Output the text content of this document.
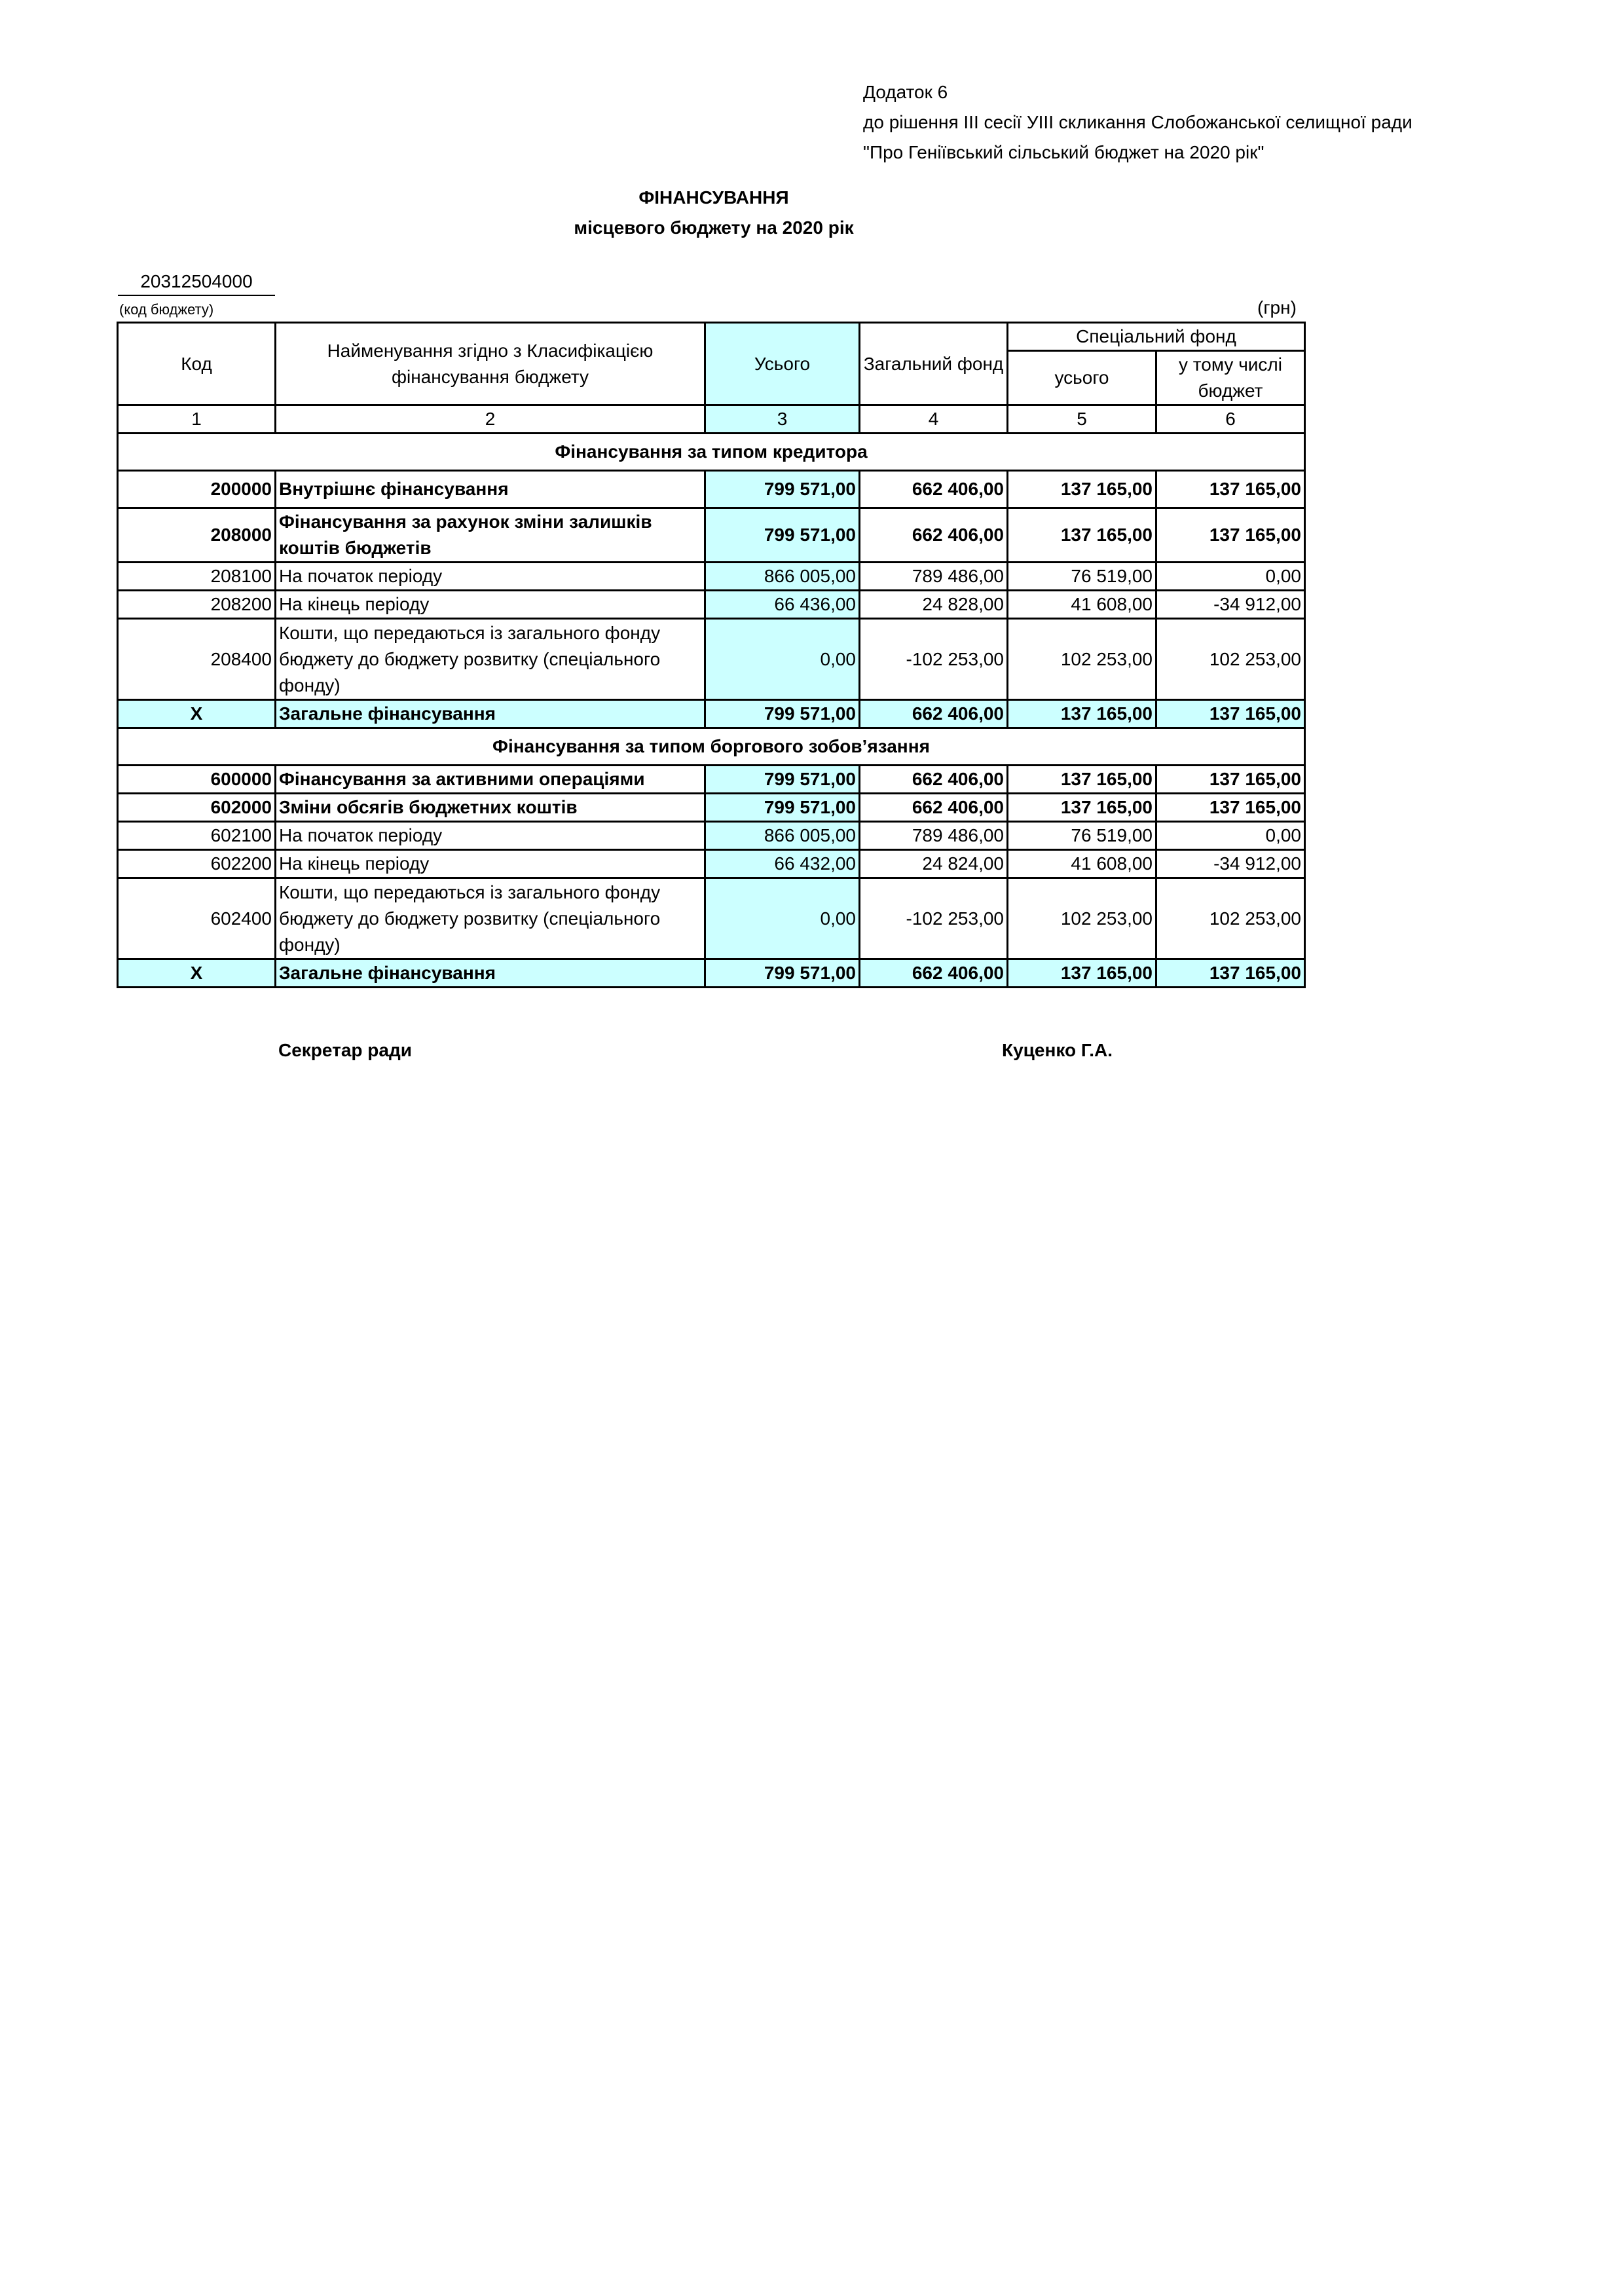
Додаток 6
до рішення ІІІ сесії УІІІ скликання Слобожанської селищної ради
"Про Геніївський сільський бюджет на 2020 рік"
ФІНАНСУВАННЯ
місцевого бюджету на 2020 рік
20312504000
(код бюджету)	(грн)
Код	Найменування згідно з Класифікацією фінансування бюджету	Усього	Загальний фонд	Спеціальний фонд	
				усього	у тому числі бюджет
1	2	3	4	5	6
Фінансування за типом кредитора					
200000	Внутрішнє фінансування	799 571,00	662 406,00	137 165,00	137 165,00
208000	Фінансування за рахунок зміни залишків коштів бюджетів	799 571,00	662 406,00	137 165,00	137 165,00
208100	На початок періоду	866 005,00	789 486,00	76 519,00	0,00
208200	На кінець періоду	66 436,00	24 828,00	41 608,00	-34 912,00
208400	Кошти, що передаються із загального фонду бюджету до бюджету розвитку (спеціального фонду)	0,00	-102 253,00	102 253,00	102 253,00
X	Загальне фінансування	799 571,00	662 406,00	137 165,00	137 165,00
Фінансування за типом боргового зобов’язання					
600000	Фінансування за активними операціями	799 571,00	662 406,00	137 165,00	137 165,00
602000	Зміни обсягів бюджетних коштів	799 571,00	662 406,00	137 165,00	137 165,00
602100	На початок періоду	866 005,00	789 486,00	76 519,00	0,00
602200	На кінець періоду	66 432,00	24 824,00	41 608,00	-34 912,00
602400	Кошти, що передаються із загального фонду бюджету до бюджету розвитку (спеціального фонду)	0,00	-102 253,00	102 253,00	102 253,00
X	Загальне фінансування	799 571,00	662 406,00	137 165,00	137 165,00
Секретар ради	Куценко Г.А.
